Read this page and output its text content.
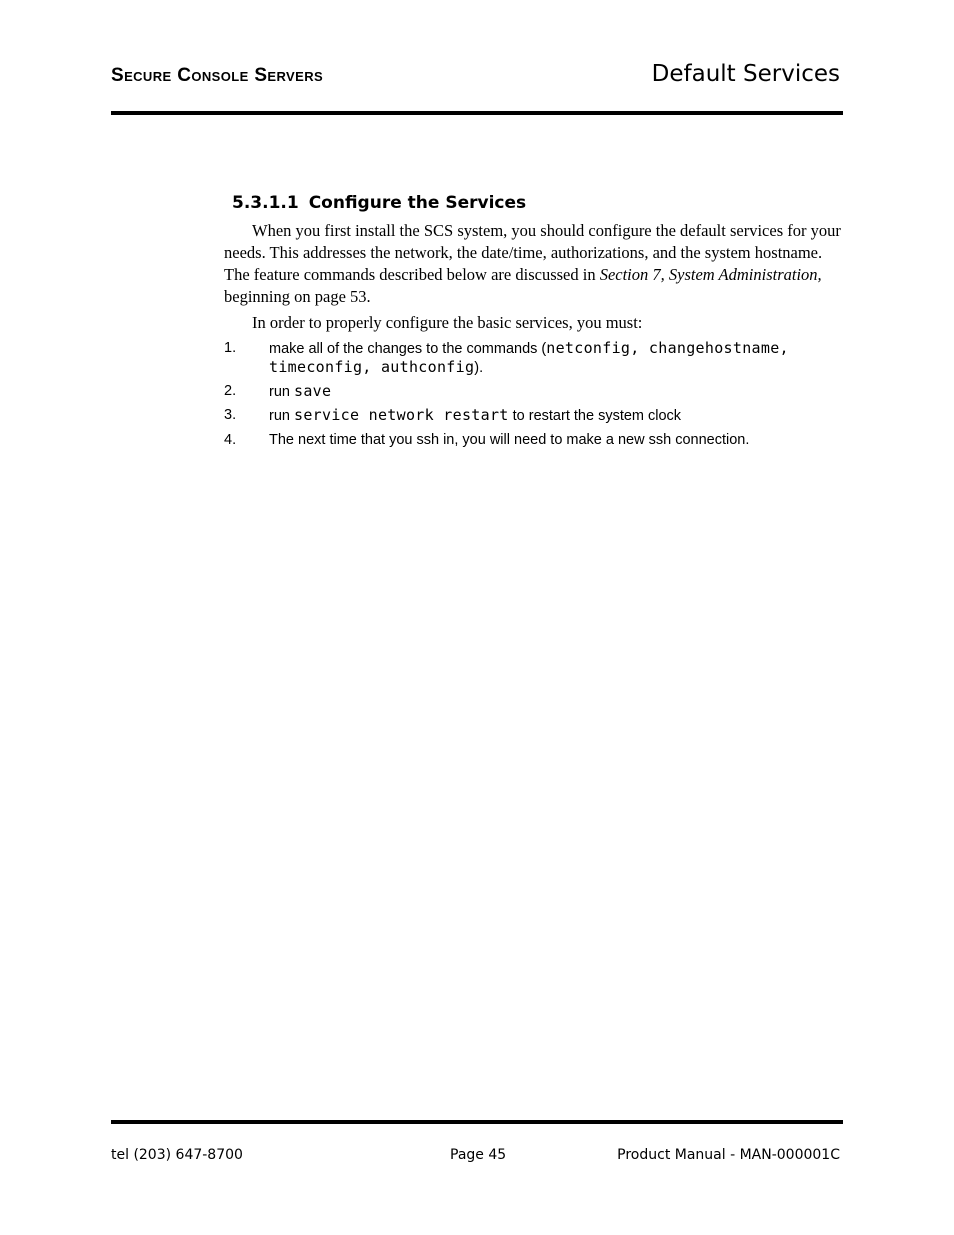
Secure Console Servers	Default Services
5.3.1.1 Configure the Services
When you first install the SCS system, you should configure the default services for your needs. This addresses the network, the date/time, authorizations, and the system hostname. The feature commands described below are discussed in Section 7, System Administration, beginning on page 53.
In order to properly configure the basic services, you must:
1.	make all of the changes to the commands (netconfig, changehostname,
timeconfig, authconfig).
2.	run save
3.	run service network restart to restart the system clock
4.	The next time that you ssh in, you will need to make a new ssh connection.
tel (203) 647-8700	Page 45	Product Manual - MAN-000001C
